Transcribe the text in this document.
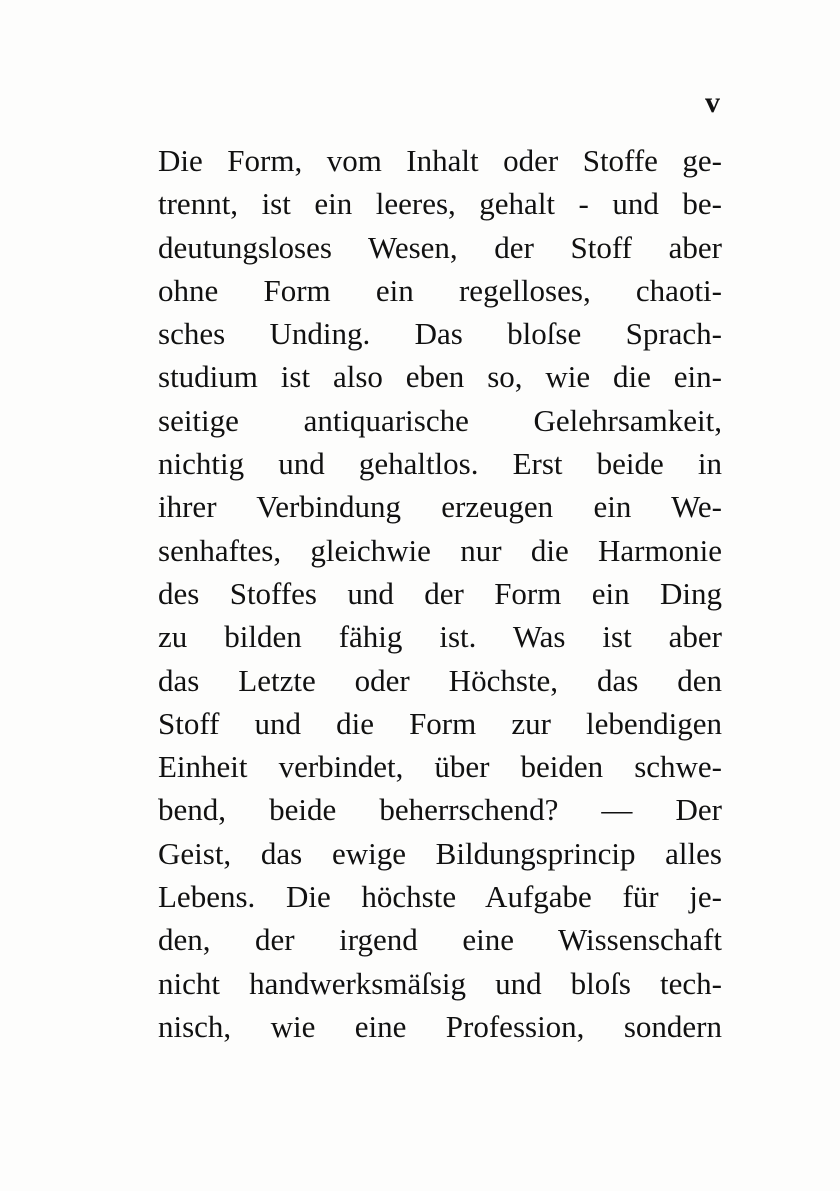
v

Die Form, vom Inhalt oder Stoffe ge-
trennt, ist ein leeres, gehalt - und be-
deutungsloses Wesen, der Stoff aber
ohne Form ein regelloses, chaoti-
sches Unding. Das bloſse Sprach-
studium ist also eben so, wie die ein-
seitige antiquarische Gelehrsamkeit,
nichtig und gehaltlos. Erst beide in
ihrer Verbindung erzeugen ein We-
senhaftes, gleichwie nur die Harmonie
des Stoffes und der Form ein Ding
zu bilden fähig ist. Was ist aber
das Letzte oder Höchste, das den
Stoff und die Form zur lebendigen
Einheit verbindet, über beiden schwe-
bend, beide beherrschend? — Der
Geist, das ewige Bildungsprincip alles
Lebens. Die höchste Aufgabe für je-
den, der irgend eine Wissenschaft
nicht handwerksmäſsig und bloſs tech-
nisch, wie eine Profession, sondern
